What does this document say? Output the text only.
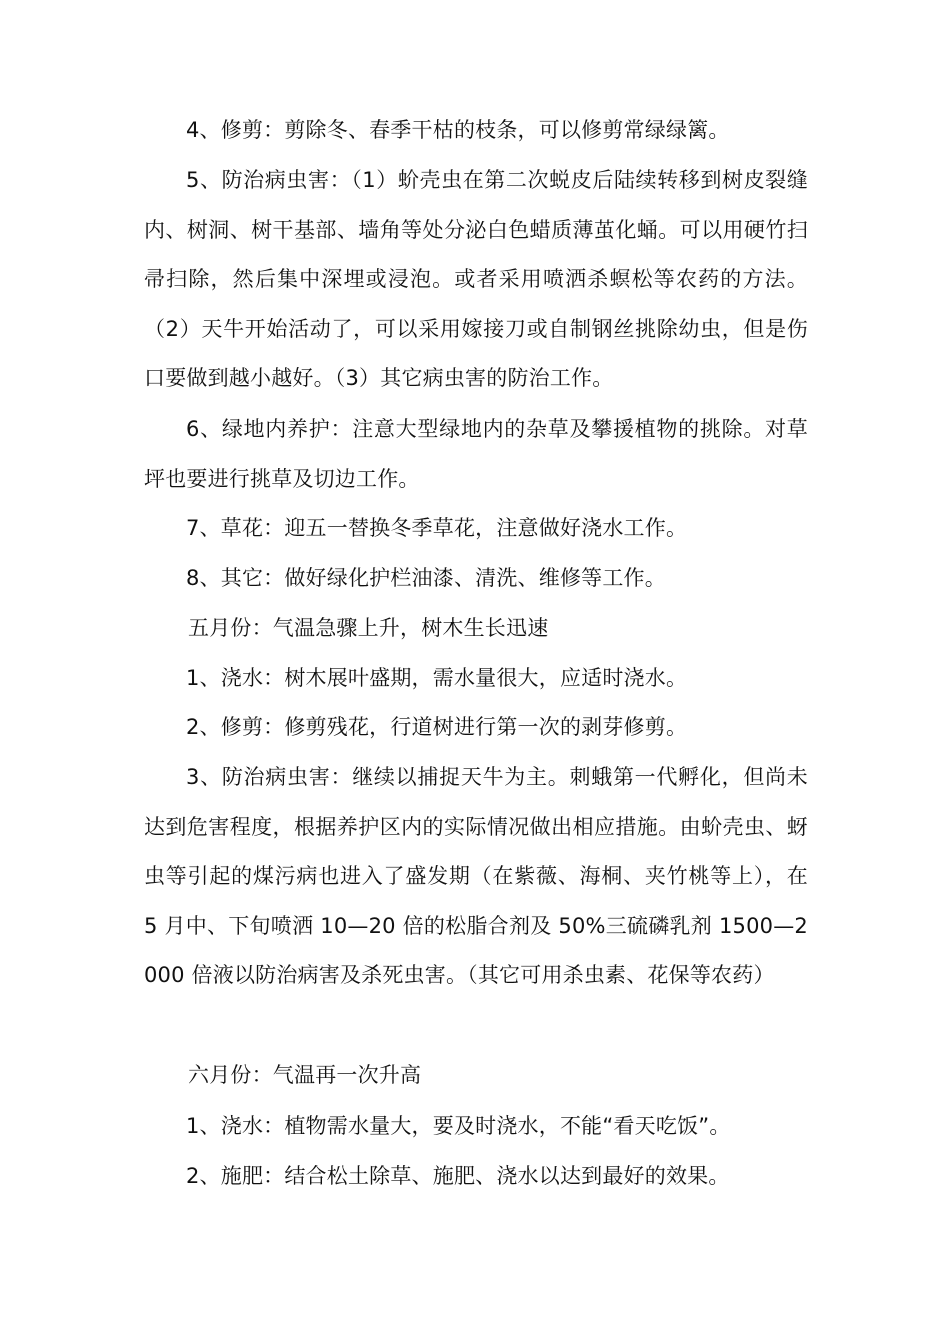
4、修剪：剪除冬、春季干枯的枝条，可以修剪常绿绿篱。

5、防治病虫害：（1）蚧壳虫在第二次蜕皮后陆续转移到树皮裂缝内、树洞、树干基部、墙角等处分泌白色蜡质薄茧化蛹。可以用硬竹扫帚扫除，然后集中深埋或浸泡。或者采用喷洒杀螟松等农药的方法。（2）天牛开始活动了，可以采用嫁接刀或自制钢丝挑除幼虫，但是伤口要做到越小越好。（3）其它病虫害的防治工作。

6、绿地内养护：注意大型绿地内的杂草及攀援植物的挑除。对草坪也要进行挑草及切边工作。

7、草花：迎五一替换冬季草花，注意做好浇水工作。

8、其它：做好绿化护栏油漆、清洗、维修等工作。

五月份：气温急骤上升，树木生长迅速

1、浇水：树木展叶盛期，需水量很大，应适时浇水。

2、修剪：修剪残花，行道树进行第一次的剥芽修剪。

3、防治病虫害：继续以捕捉天牛为主。刺蛾第一代孵化，但尚未达到危害程度，根据养护区内的实际情况做出相应措施。由蚧壳虫、蚜虫等引起的煤污病也进入了盛发期（在紫薇、海桐、夹竹桃等上），在 5 月中、下旬喷洒 10—20 倍的松脂合剂及 50%三硫磷乳剂 1500—2000 倍液以防治病害及杀死虫害。（其它可用杀虫素、花保等农药）

六月份：气温再一次升高

1、浇水：植物需水量大，要及时浇水，不能“看天吃饭”。

2、施肥：结合松土除草、施肥、浇水以达到最好的效果。
